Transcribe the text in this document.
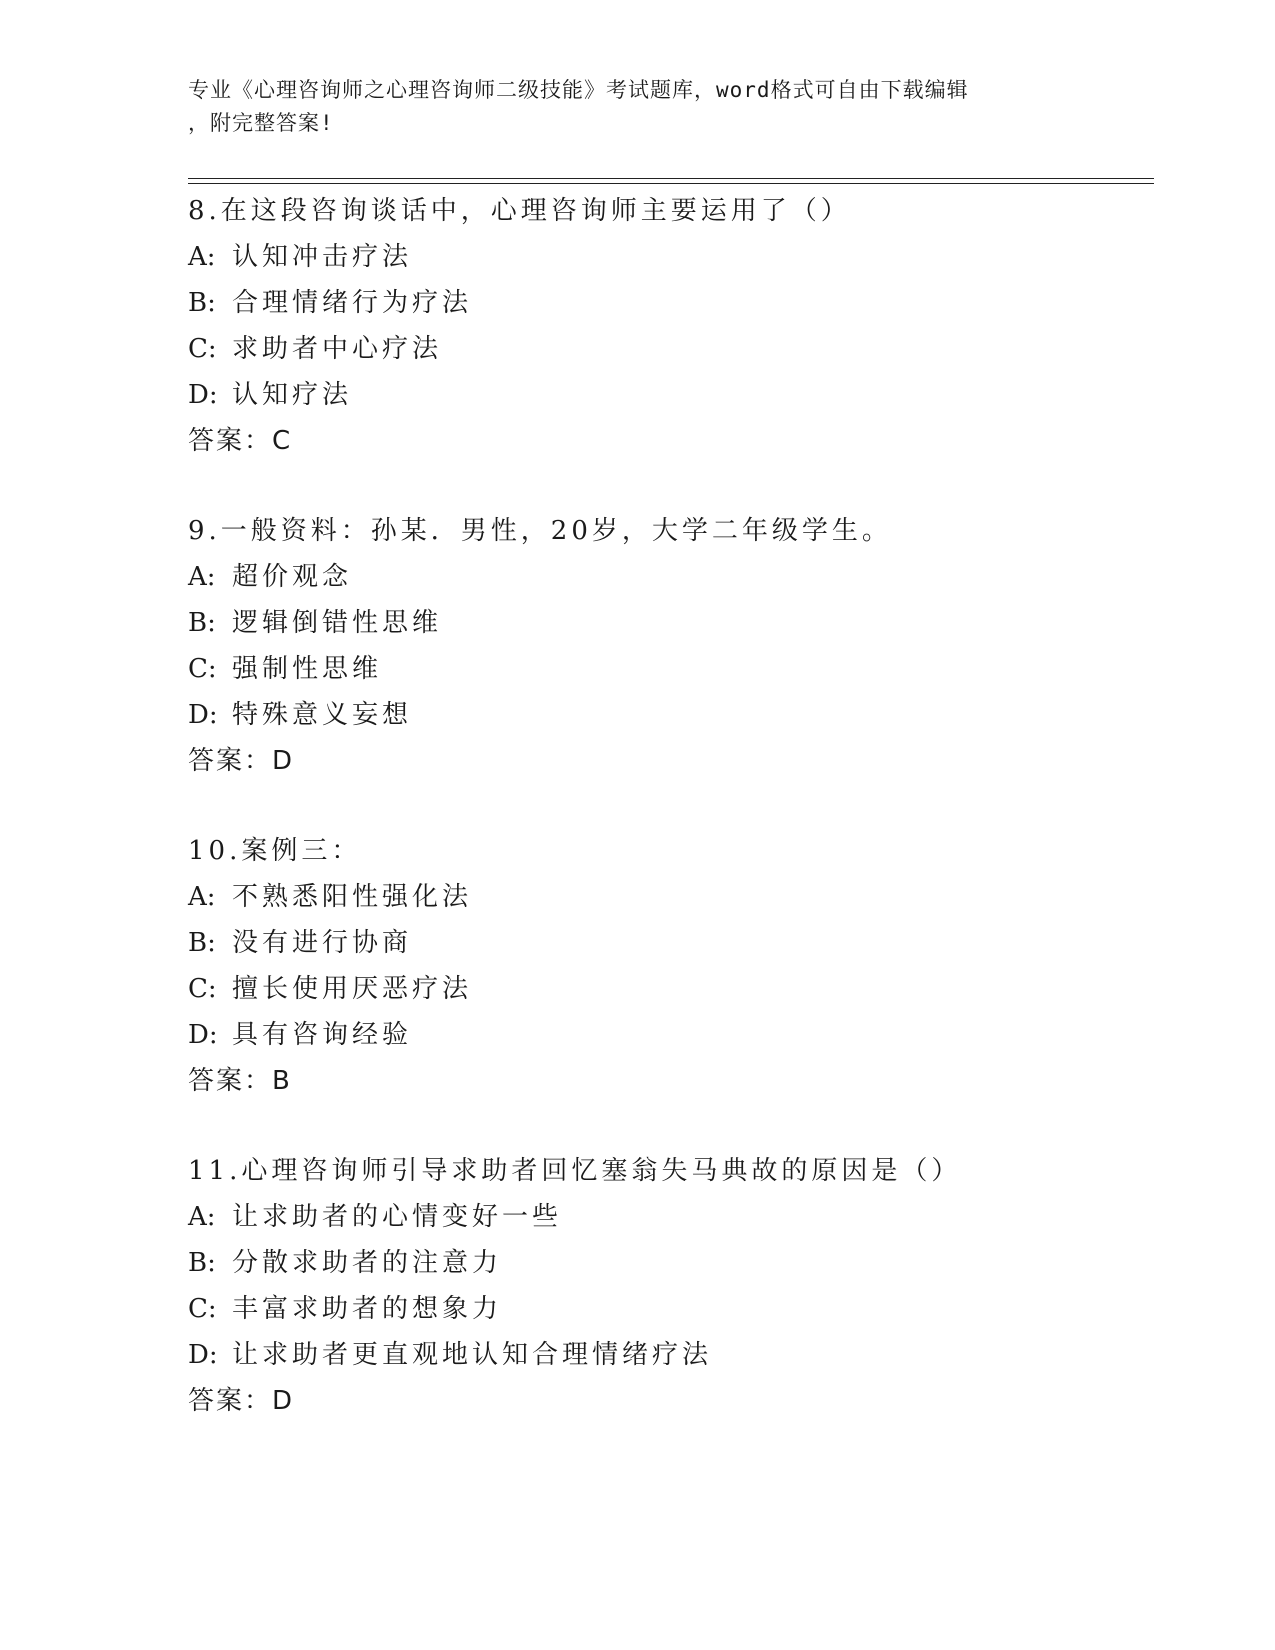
专业《心理咨询师之心理咨询师二级技能》考试题库，word格式可自由下载编辑
，附完整答案!
8.在这段咨询谈话中，心理咨询师主要运用了（）
A: 认知冲击疗法
B: 合理情绪行为疗法
C: 求助者中心疗法
D: 认知疗法
答案：C
9.一般资料：孙某．男性，20岁，大学二年级学生。
A: 超价观念
B: 逻辑倒错性思维
C: 强制性思维
D: 特殊意义妄想
答案：D
10.案例三：
A: 不熟悉阳性强化法
B: 没有进行协商
C: 擅长使用厌恶疗法
D: 具有咨询经验
答案：B
11.心理咨询师引导求助者回忆塞翁失马典故的原因是（）
A: 让求助者的心情变好一些
B: 分散求助者的注意力
C: 丰富求助者的想象力
D: 让求助者更直观地认知合理情绪疗法
答案：D
